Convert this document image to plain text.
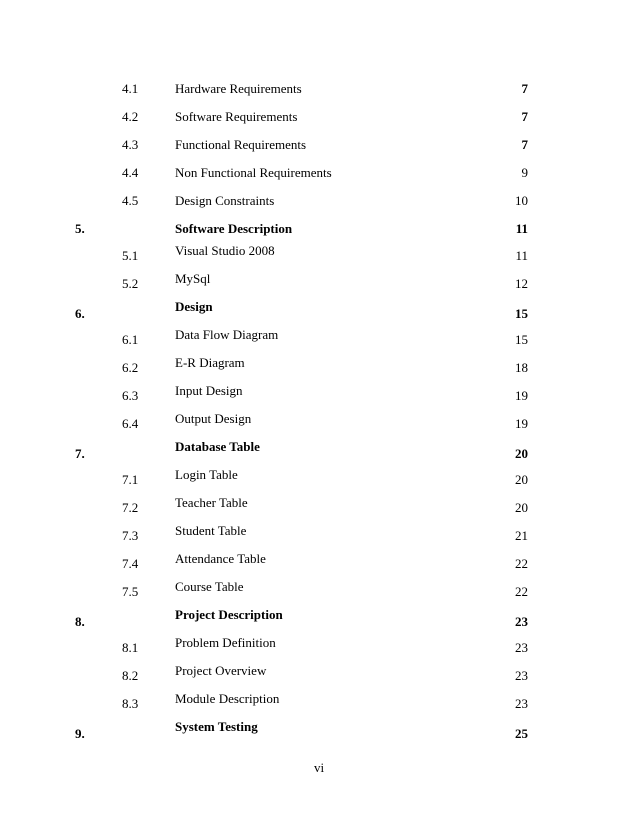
4.1	Hardware Requirements	7
4.2	Software Requirements	7
4.3	Functional Requirements	7
4.4	Non Functional Requirements	9
4.5	Design Constraints	10
5.	Software Description	11
5.1	Visual Studio 2008	11
5.2	MySql	12
6.	Design	15
6.1	Data Flow Diagram	15
6.2	E-R Diagram	18
6.3	Input Design	19
6.4	Output Design	19
7.	Database Table	20
7.1	Login Table	20
7.2	Teacher Table	20
7.3	Student Table	21
7.4	Attendance Table	22
7.5	Course Table	22
8.	Project Description	23
8.1	Problem Definition	23
8.2	Project Overview	23
8.3	Module Description	23
9.	System Testing	25
vi
